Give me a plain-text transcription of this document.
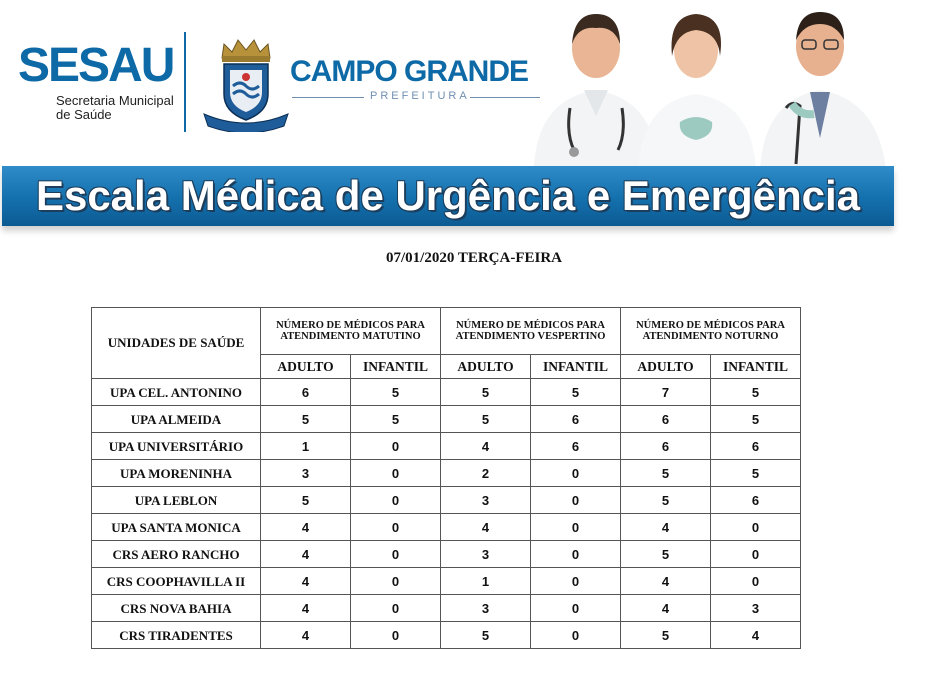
SESAU
Secretaria Municipal
de Saúde
CAMPO GRANDE
PREFEITURA
Escala Médica de Urgência e Emergência
07/01/2020 TERÇA-FEIRA
UNIDADES DE SAÚDE	NÚMERO DE MÉDICOS PARA ATENDIMENTO MATUTINO		NÚMERO DE MÉDICOS PARA ATENDIMENTO VESPERTINO		NÚMERO DE MÉDICOS PARA ATENDIMENTO NOTURNO	
	ADULTO	INFANTIL	ADULTO	INFANTIL	ADULTO	INFANTIL
UPA CEL. ANTONINO	6	5	5	5	7	5
UPA ALMEIDA	5	5	5	6	6	5
UPA UNIVERSITÁRIO	1	0	4	6	6	6
UPA MORENINHA	3	0	2	0	5	5
UPA LEBLON	5	0	3	0	5	6
UPA SANTA MONICA	4	0	4	0	4	0
CRS AERO RANCHO	4	0	3	0	5	0
CRS COOPHAVILLA II	4	0	1	0	4	0
CRS NOVA BAHIA	4	0	3	0	4	3
CRS TIRADENTES	4	0	5	0	5	4
